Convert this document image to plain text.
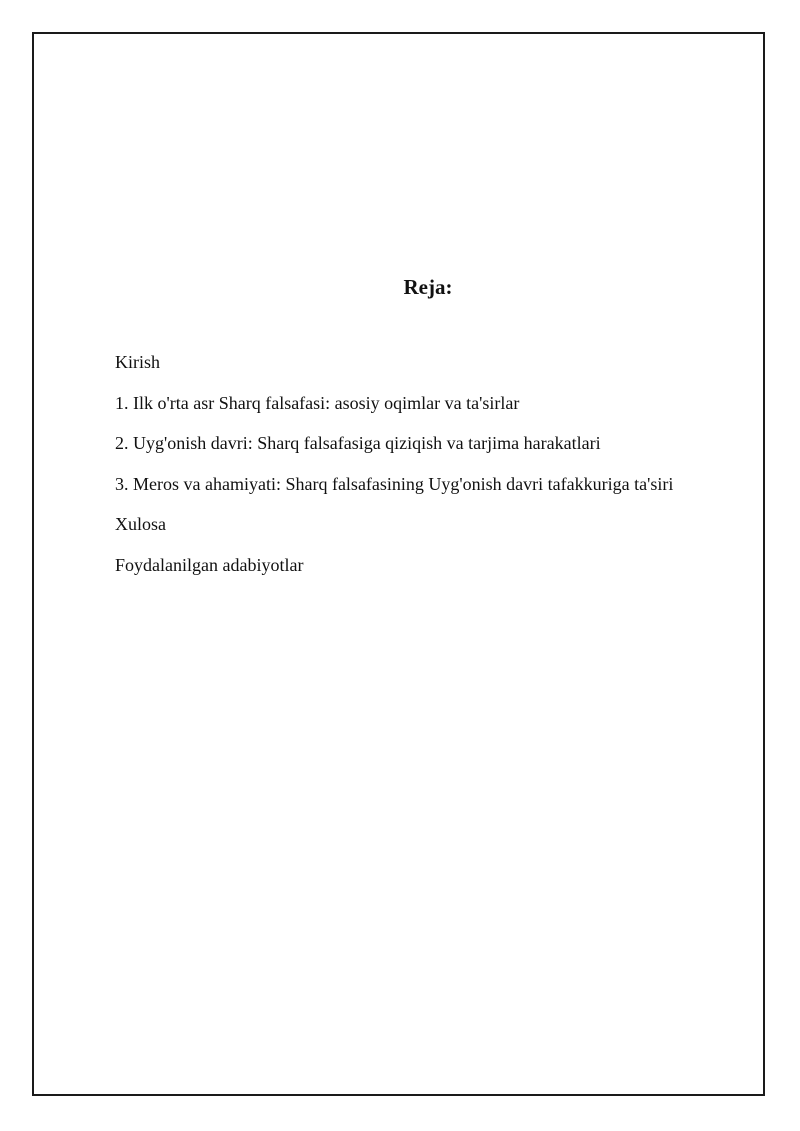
Reja:
Kirish
1. Ilk o'rta asr Sharq falsafasi: asosiy oqimlar va ta'sirlar
2. Uyg'onish davri: Sharq falsafasiga qiziqish va tarjima harakatlari
3. Meros va ahamiyati: Sharq falsafasining Uyg'onish davri tafakkuriga ta'siri
Xulosa
Foydalanilgan adabiyotlar
